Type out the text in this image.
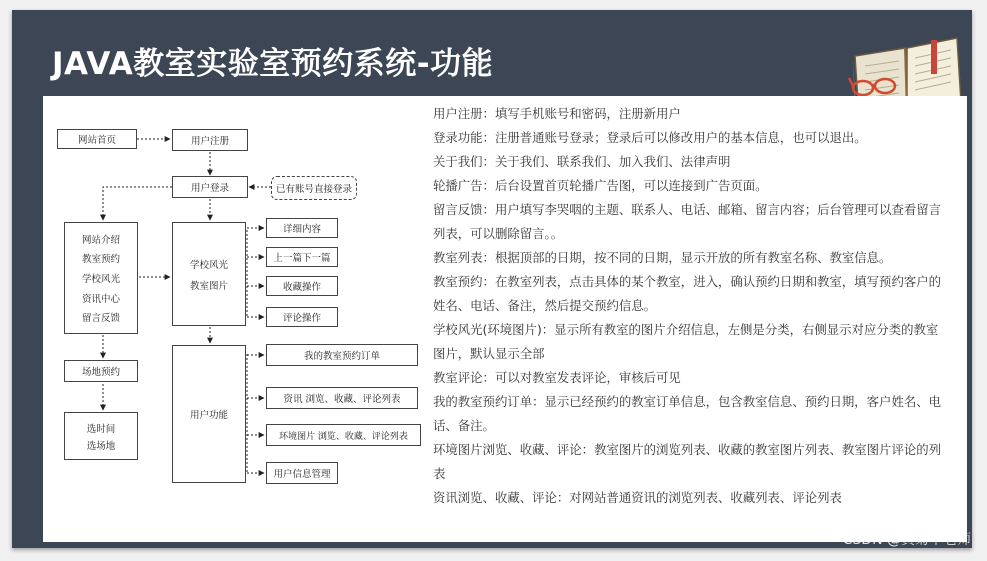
JAVA教室实验室预约系统-功能
网站首页	用户注册
用户登录	已有账号直接登录
网站介绍
教室预约
学校风光
资讯中心
留言反馈
场地预约
选时间
选场地
学校风光
教室图片
详细内容
上一篇下一篇
收藏操作
评论操作
用户功能
我的教室预约订单
资讯 浏览、收藏、评论列表
环境图片 浏览、收藏、评论列表
用户信息管理

用户注册：填写手机账号和密码，注册新用户

登录功能：注册普通账号登录；登录后可以修改用户的基本信息，也可以退出。

关于我们：关于我们、联系我们、加入我们、法律声明

轮播广告：后台设置首页轮播广告图，可以连接到广告页面。

留言反馈：用户填写李哭咽的主题、联系人、电话、邮箱、留言内容；后台管理可以查看留言列表，可以删除留言。。

教室列表：根据顶部的日期，按不同的日期，显示开放的所有教室名称、教室信息。

教室预约：在教室列表，点击具体的某个教室，进入，确认预约日期和教室，填写预约客户的姓名、电话、备注，然后提交预约信息。

学校风光(环境图片)：显示所有教室的图片介绍信息，左侧是分类，右侧显示对应分类的教室图片，默认显示全部

教室评论：可以对教室发表评论，审核后可见

我的教室预约订单：显示已经预约的教室订单信息，包含教室信息、预约日期，客户姓名、电话、备注。

环境图片浏览、收藏、评论：教室图片的浏览列表、收藏的教室图片列表、教室图片评论的列表

资讯浏览、收藏、评论：对网站普通资讯的浏览列表、收藏列表、评论列表

CSDN @黄菊华老师
